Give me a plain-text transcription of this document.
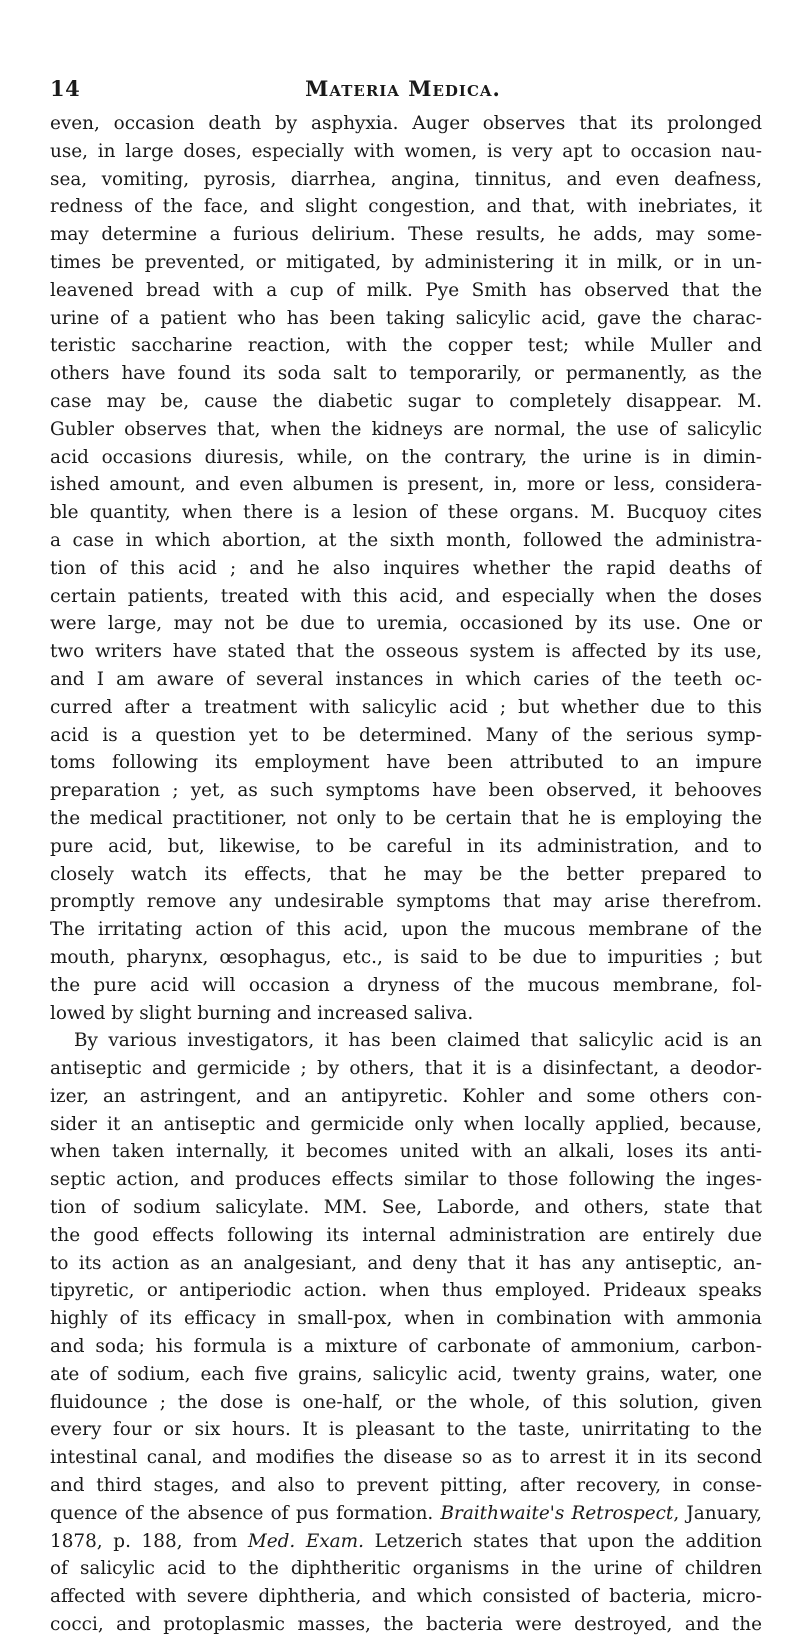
14	Materia Medica.
even, occasion death by asphyxia. Auger observes that its prolonged
use, in large doses, especially with women, is very apt to occasion nau-
sea, vomiting, pyrosis, diarrhea, angina, tinnitus, and even deafness,
redness of the face, and slight congestion, and that, with inebriates, it
may determine a furious delirium. These results, he adds, may some-
times be prevented, or mitigated, by administering it in milk, or in un-
leavened bread with a cup of milk. Pye Smith has observed that the
urine of a patient who has been taking salicylic acid, gave the charac-
teristic saccharine reaction, with the copper test; while Muller and
others have found its soda salt to temporarily, or permanently, as the
case may be, cause the diabetic sugar to completely disappear. M.
Gubler observes that, when the kidneys are normal, the use of salicylic
acid occasions diuresis, while, on the contrary, the urine is in dimin-
ished amount, and even albumen is present, in, more or less, considera-
ble quantity, when there is a lesion of these organs. M. Bucquoy cites
a case in which abortion, at the sixth month, followed the administra-
tion of this acid ; and he also inquires whether the rapid deaths of
certain patients, treated with this acid, and especially when the doses
were large, may not be due to uremia, occasioned by its use. One or
two writers have stated that the osseous system is affected by its use,
and I am aware of several instances in which caries of the teeth oc-
curred after a treatment with salicylic acid ; but whether due to this
acid is a question yet to be determined. Many of the serious symp-
toms following its employment have been attributed to an impure
preparation ; yet, as such symptoms have been observed, it behooves
the medical practitioner, not only to be certain that he is employing the
pure acid, but, likewise, to be careful in its administration, and to
closely watch its effects, that he may be the better prepared to
promptly remove any undesirable symptoms that may arise therefrom.
The irritating action of this acid, upon the mucous membrane of the
mouth, pharynx, œsophagus, etc., is said to be due to impurities ; but
the pure acid will occasion a dryness of the mucous membrane, fol-
lowed by slight burning and increased saliva.
By various investigators, it has been claimed that salicylic acid is an
antiseptic and germicide ; by others, that it is a disinfectant, a deodor-
izer, an astringent, and an antipyretic. Kohler and some others con-
sider it an antiseptic and germicide only when locally applied, because,
when taken internally, it becomes united with an alkali, loses its anti-
septic action, and produces effects similar to those following the inges-
tion of sodium salicylate. MM. See, Laborde, and others, state that
the good effects following its internal administration are entirely due
to its action as an analgesiant, and deny that it has any antiseptic, an-
tipyretic, or antiperiodic action. when thus employed. Prideaux speaks
highly of its efficacy in small-pox, when in combination with ammonia
and soda; his formula is a mixture of carbonate of ammonium, carbon-
ate of sodium, each five grains, salicylic acid, twenty grains, water, one
fluidounce ; the dose is one-half, or the whole, of this solution, given
every four or six hours. It is pleasant to the taste, unirritating to the
intestinal canal, and modifies the disease so as to arrest it in its second
and third stages, and also to prevent pitting, after recovery, in conse-
quence of the absence of pus formation. Braithwaite's Retrospect, January,
1878, p. 188, from Med. Exam. Letzerich states that upon the addition
of salicylic acid to the diphtheritic organisms in the urine of children
affected with severe diphtheria, and which consisted of bacteria, micro-
cocci, and protoplasmic masses, the bacteria were destroyed, and the
